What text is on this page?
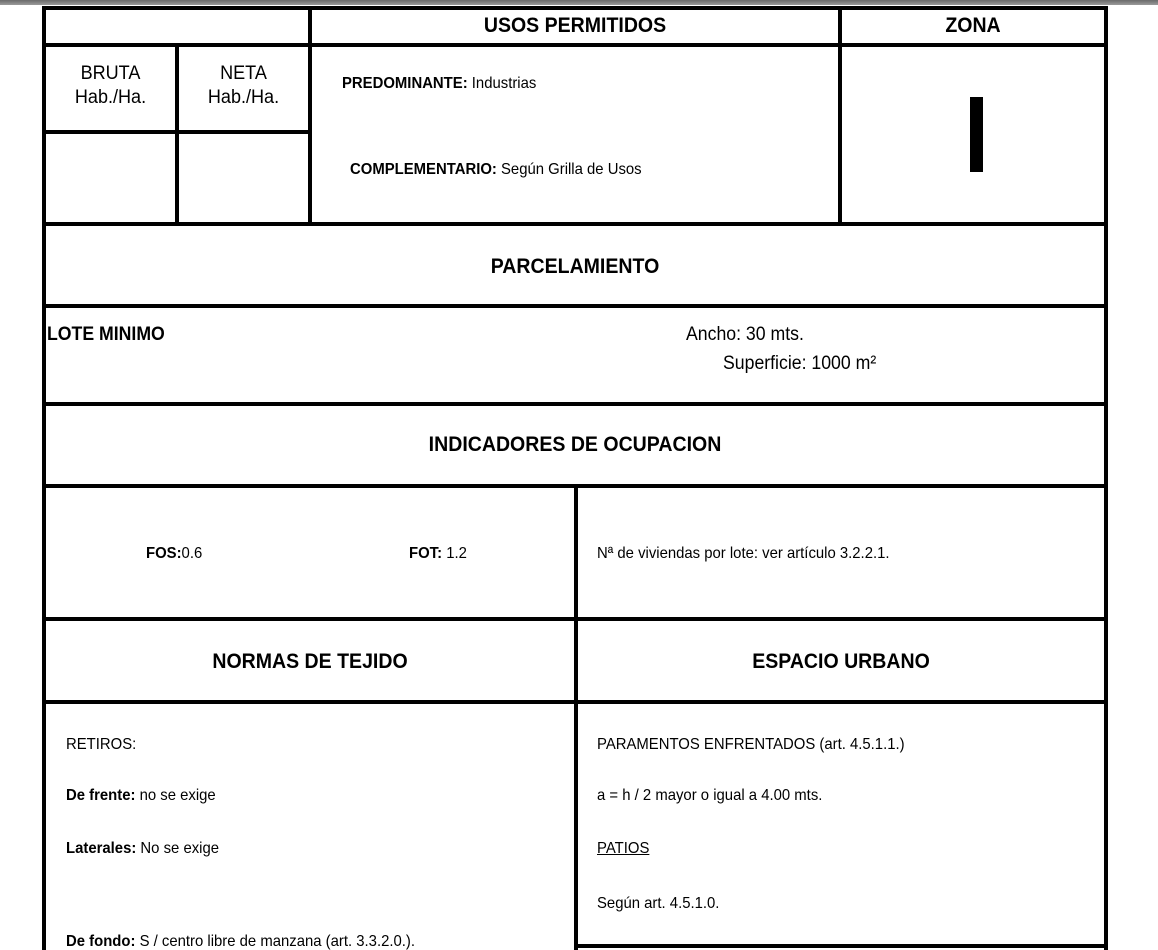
USOS PERMITIDOS	ZONA
BRUTA
Hab./Ha.
NETA
Hab./Ha.
PREDOMINANTE: Industrias
COMPLEMENTARIO: Según Grilla de Usos
PARCELAMIENTO
LOTE MINIMO	Ancho: 30 mts.
Superficie: 1000 m²
INDICADORES DE OCUPACION
FOS:0.6	FOT: 1.2	Nª de viviendas por lote: ver artículo 3.2.2.1.
NORMAS DE TEJIDO	ESPACIO URBANO
RETIROS:
De frente: no se exige
Laterales: No se exige
De fondo: S / centro libre de manzana (art. 3.3.2.0.).
PARAMENTOS ENFRENTADOS (art. 4.5.1.1.)
a = h / 2 mayor o igual a 4.00 mts.
PATIOS
Según art. 4.5.1.0.
